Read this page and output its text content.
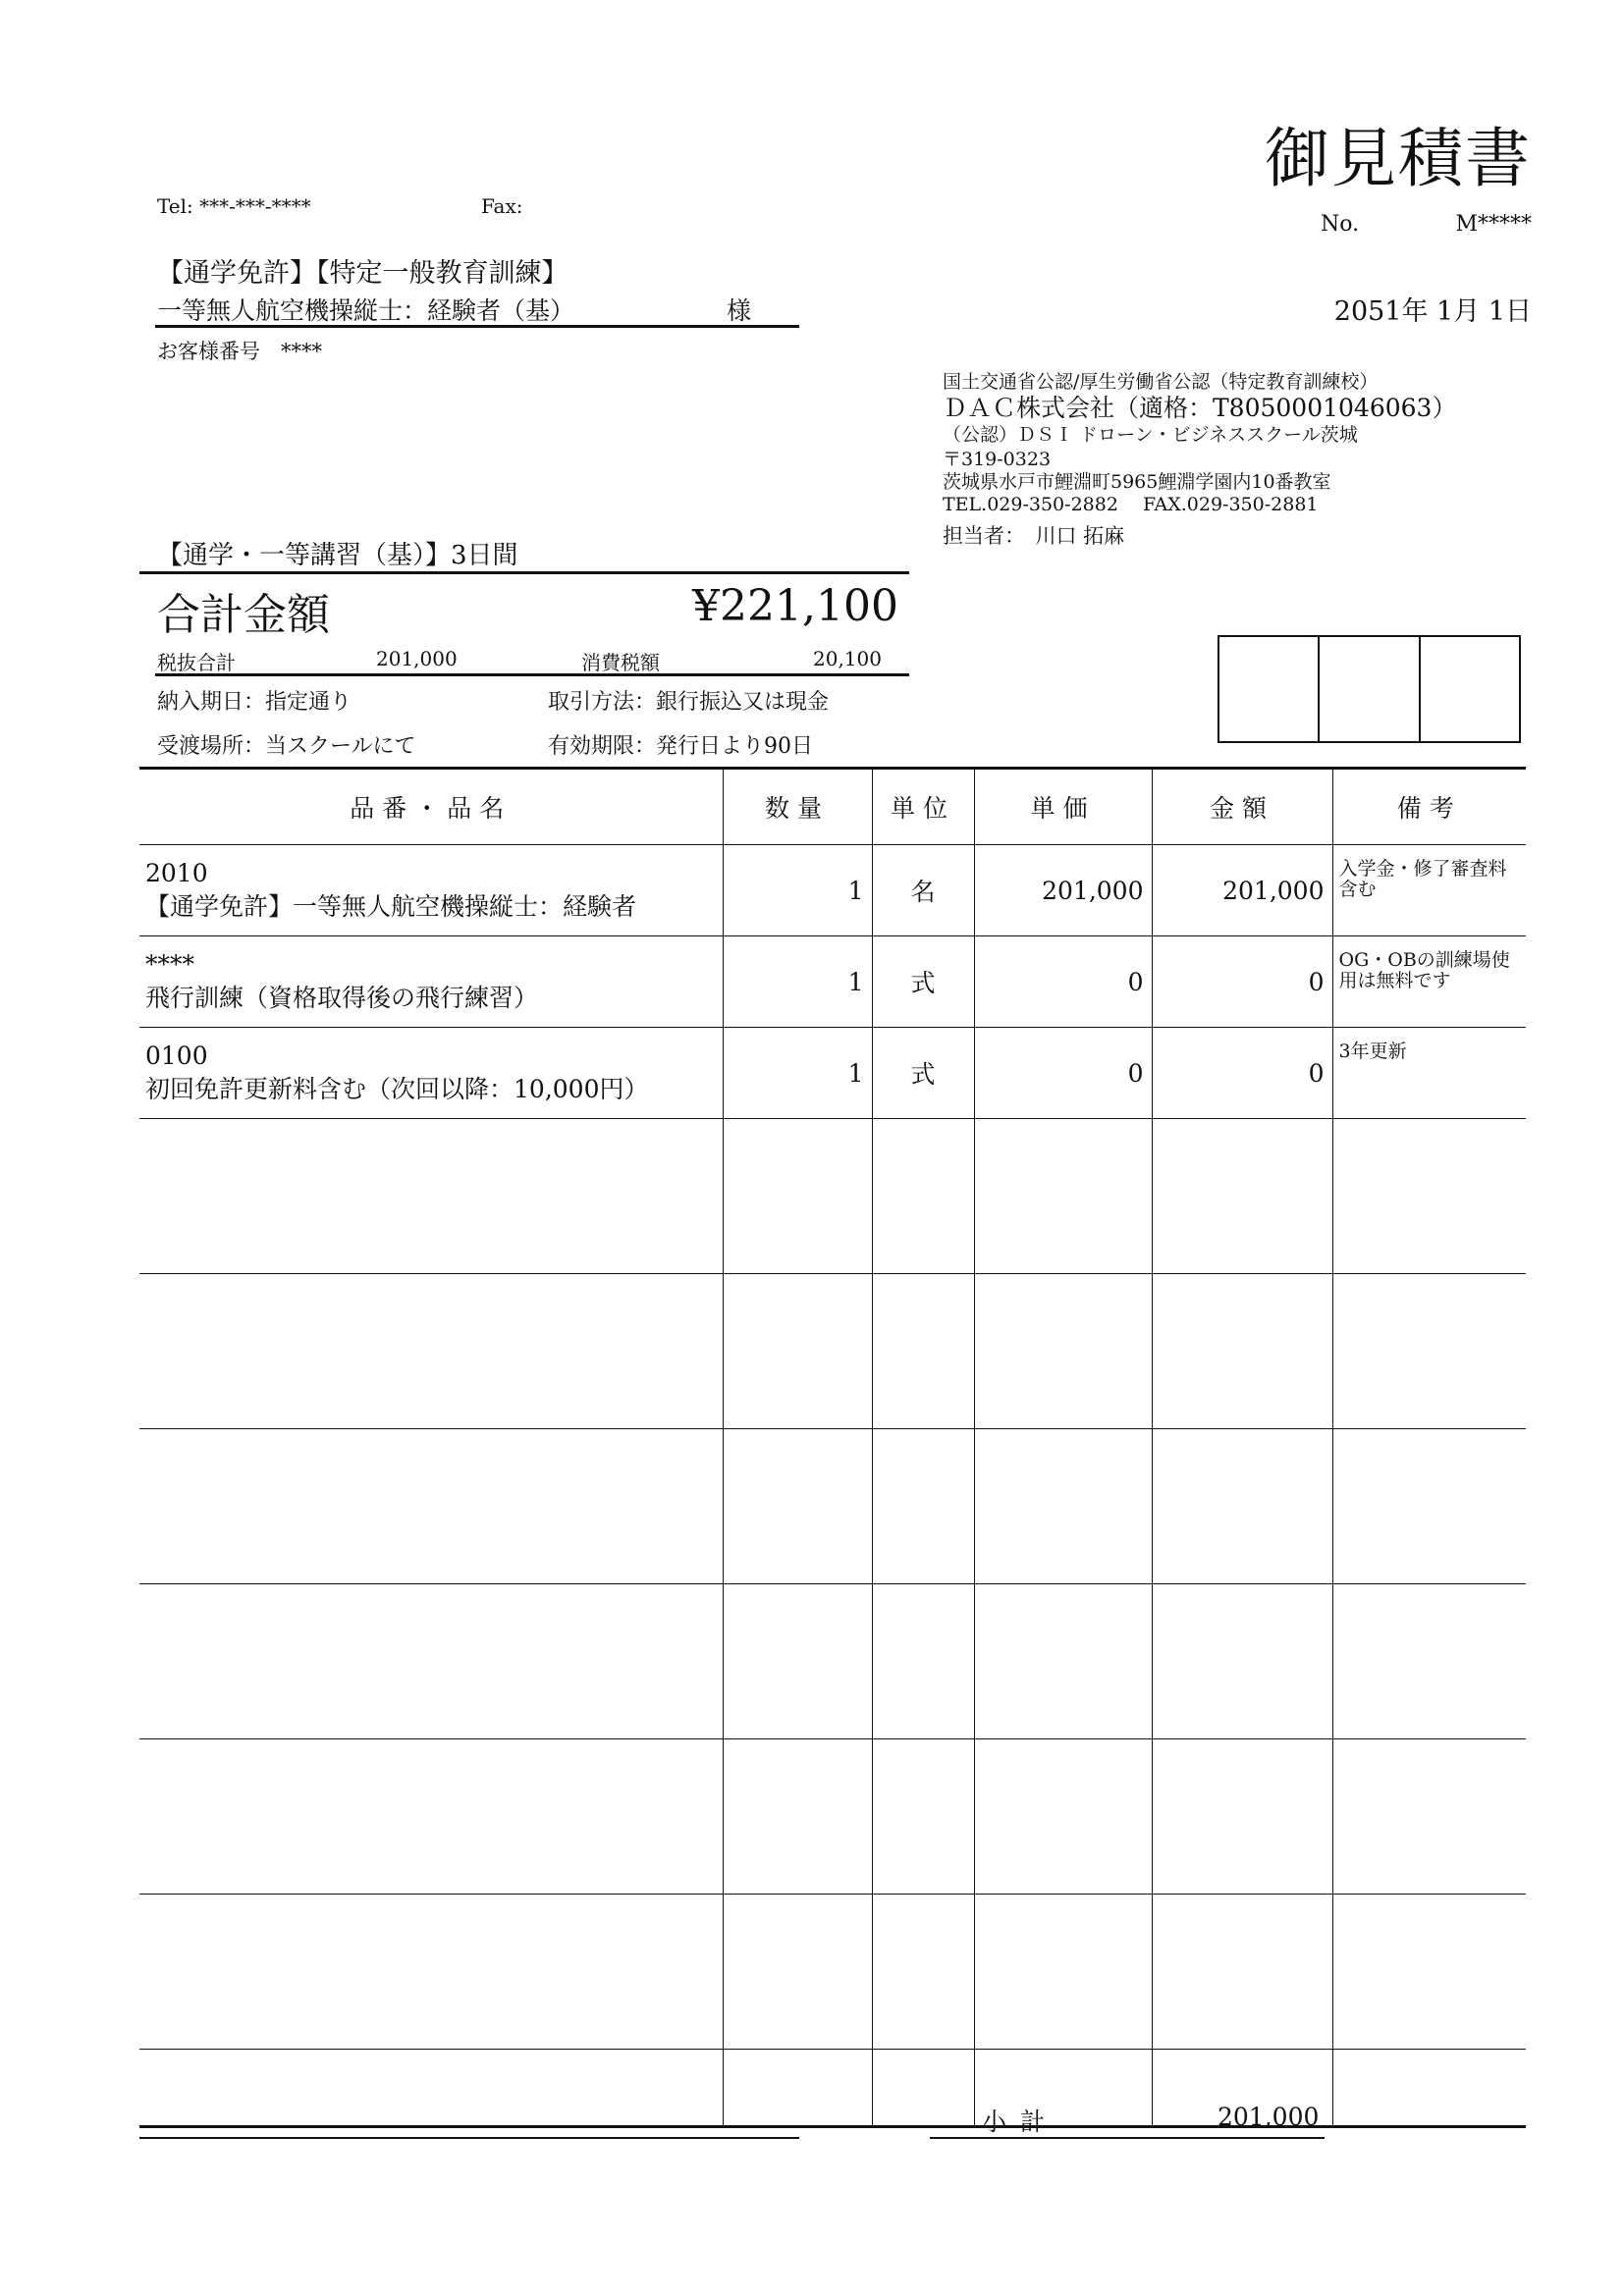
御見積書
Tel: ***-***-****	Fax:
No.	M*****
【通学免許】【特定一般教育訓練】
一等無人航空機操縦士：経験者（基）	様
お客様番号　****
2051年 1月 1日
国土交通省公認/厚生労働省公認（特定教育訓練校）
ＤＡＣ株式会社（適格：T8050001046063）
（公認）ＤＳＩ ドローン・ビジネススクール茨城
〒319-0323
茨城県水戸市鯉淵町5965鯉淵学園内10番教室
TEL.029-350-2882　 FAX.029-350-2881
担当者：　川口 拓麻
【通学・一等講習（基）】3日間
合計金額	¥221,100
税抜合計	201,000	消費税額	20,100
納入期日：指定通り	取引方法：銀行振込又は現金
受渡場所：当スクールにて	有効期限：発行日より90日
品番・品名	数量	単位	単価	金額	備考

2010
【通学免許】一等無人航空機操縦士：経験者	1	名	201,000	201,000	入学金・修了審査料含む

****
飛行訓練（資格取得後の飛行練習）	1	式	0	0	OG・OBの訓練場使用は無料です

0100
初回免許更新料含む（次回以降：10,000円）	1	式	0	0	3年更新

小計	201,000
